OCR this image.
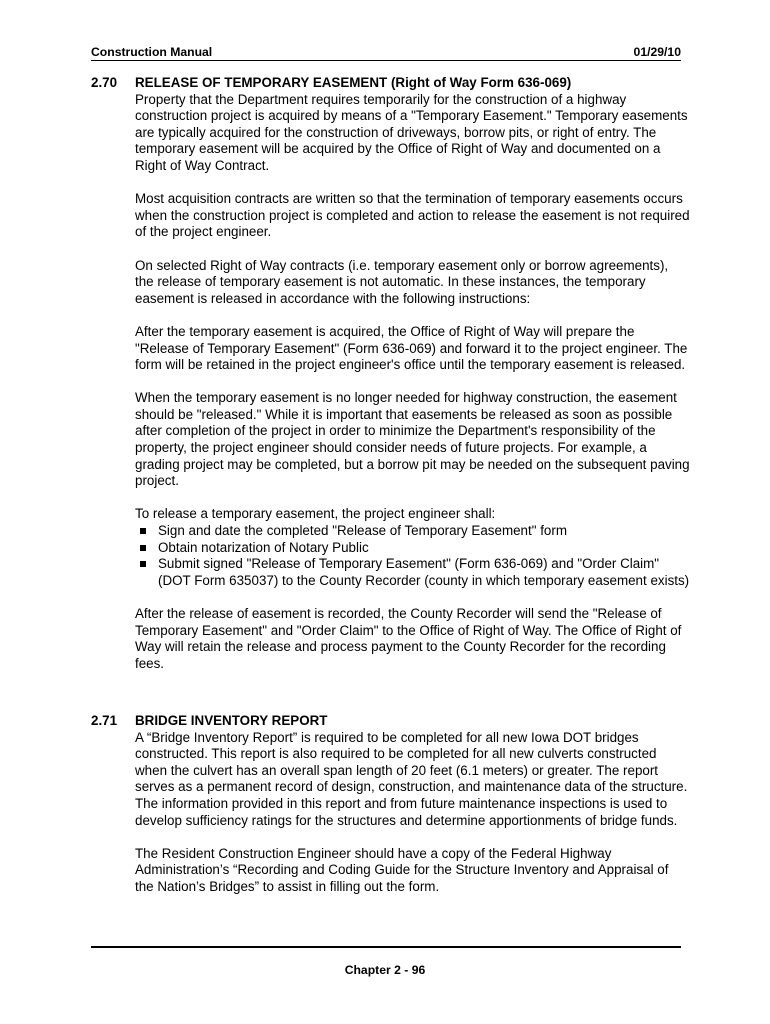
Construction Manual	01/29/10
2.70 RELEASE OF TEMPORARY EASEMENT (Right of Way Form 636-069)

Property that the Department requires temporarily for the construction of a highway construction project is acquired by means of a "Temporary Easement." Temporary easements are typically acquired for the construction of driveways, borrow pits, or right of entry. The temporary easement will be acquired by the Office of Right of Way and documented on a Right of Way Contract.

Most acquisition contracts are written so that the termination of temporary easements occurs when the construction project is completed and action to release the easement is not required of the project engineer.

On selected Right of Way contracts (i.e. temporary easement only or borrow agreements), the release of temporary easement is not automatic. In these instances, the temporary easement is released in accordance with the following instructions:

After the temporary easement is acquired, the Office of Right of Way will prepare the "Release of Temporary Easement" (Form 636-069) and forward it to the project engineer. The form will be retained in the project engineer's office until the temporary easement is released.

When the temporary easement is no longer needed for highway construction, the easement should be "released." While it is important that easements be released as soon as possible after completion of the project in order to minimize the Department's responsibility of the property, the project engineer should consider needs of future projects. For example, a grading project may be completed, but a borrow pit may be needed on the subsequent paving project.

To release a temporary easement, the project engineer shall:

Sign and date the completed "Release of Temporary Easement" form
Obtain notarization of Notary Public
Submit signed "Release of Temporary Easement" (Form 636-069) and "Order Claim" (DOT Form 635037) to the County Recorder (county in which temporary easement exists)

After the release of easement is recorded, the County Recorder will send the "Release of Temporary Easement" and "Order Claim" to the Office of Right of Way. The Office of Right of Way will retain the release and process payment to the County Recorder for the recording fees.

2.71 BRIDGE INVENTORY REPORT

A “Bridge Inventory Report” is required to be completed for all new Iowa DOT bridges constructed. This report is also required to be completed for all new culverts constructed when the culvert has an overall span length of 20 feet (6.1 meters) or greater. The report serves as a permanent record of design, construction, and maintenance data of the structure. The information provided in this report and from future maintenance inspections is used to develop sufficiency ratings for the structures and determine apportionments of bridge funds.

The Resident Construction Engineer should have a copy of the Federal Highway Administration’s “Recording and Coding Guide for the Structure Inventory and Appraisal of the Nation’s Bridges” to assist in filling out the form.

Chapter 2 - 96
